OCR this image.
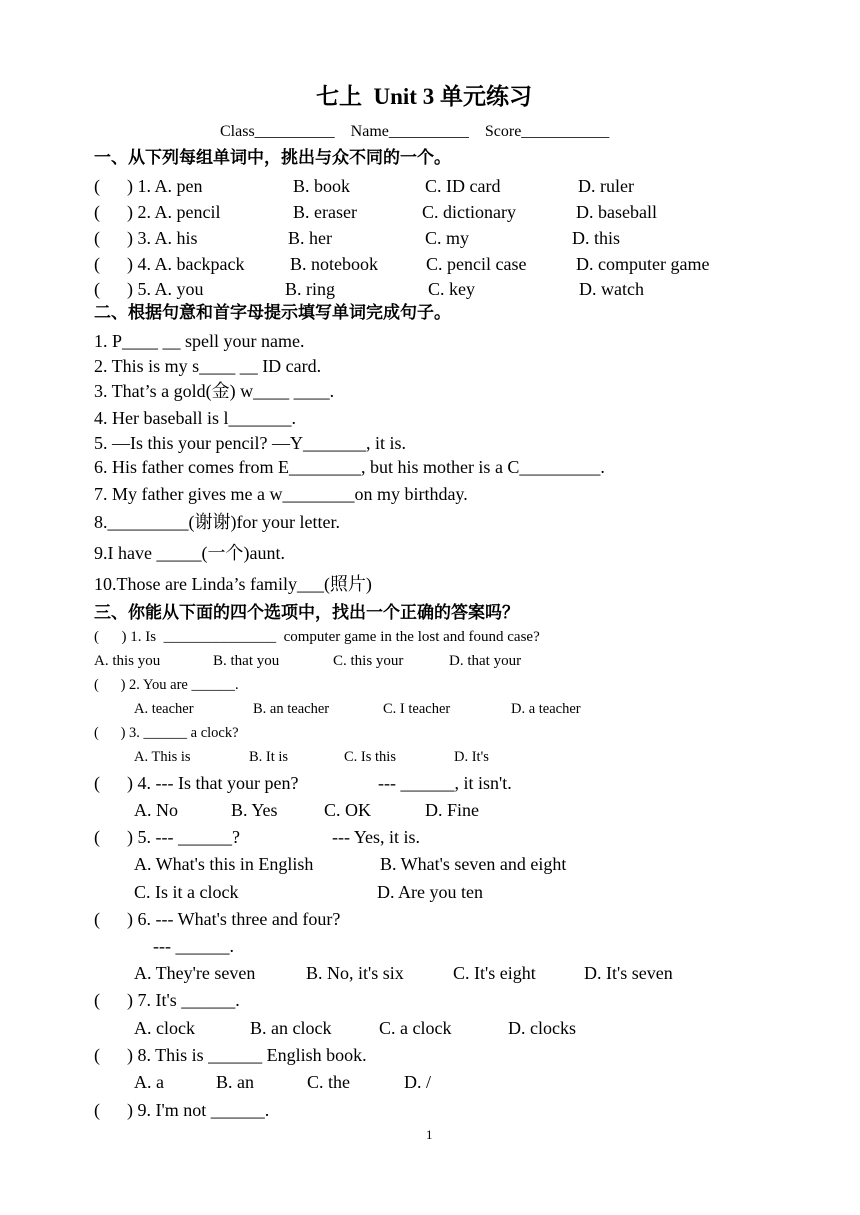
七上  Unit 3 单元练习
Class__________    Name__________    Score___________
一、从下列每组单词中，挑出与众不同的一个。
(      ) 1. A. pen	B. book	C. ID card	D. ruler
(      ) 2. A. pencil	B. eraser	C. dictionary	D. baseball
(      ) 3. A. his	B. her	C. my	D. this
(      ) 4. A. backpack	B. notebook	C. pencil case	D. computer game
(      ) 5. A. you	B. ring	C. key	D. watch
二、根据句意和首字母提示填写单词完成句子。
1. P____ __ spell your name.
2. This is my s____ __ ID card.
3. That’s a gold(金) w____ ____.
4. Her baseball is l_______.
5. —Is this your pencil? —Y_______, it is.
6. His father comes from E________, but his mother is a C_________.
7. My father gives me a w________on my birthday.
8._________(谢谢)for your letter.
9.I have _____(一个)aunt.
10.Those are Linda’s family___(照片)
三、你能从下面的四个选项中，找出一个正确的答案吗？
(      ) 1. Is  _______________  computer game in the lost and found case?
A. this you	B. that you	C. this your	D. that your
(      ) 2. You are ______.
A. teacher	B. an teacher	C. I teacher	D. a teacher
(      ) 3. ______ a clock?
A. This is	B. It is	C. Is this	D. It's
(      ) 4. --- Is that your pen?	--- ______, it isn't.
A. No	B. Yes	C. OK	D. Fine
(      ) 5. --- ______?	--- Yes, it is.
A. What's this in English	B. What's seven and eight
C. Is it a clock	D. Are you ten
(      ) 6. --- What's three and four?
--- ______.
A. They're seven	B. No, it's six	C. It's eight	D. It's seven
(      ) 7. It's ______.
A. clock	B. an clock	C. a clock	D. clocks
(      ) 8. This is ______ English book.
A. a	B. an	C. the	D. /
(      ) 9. I'm not ______.
1
